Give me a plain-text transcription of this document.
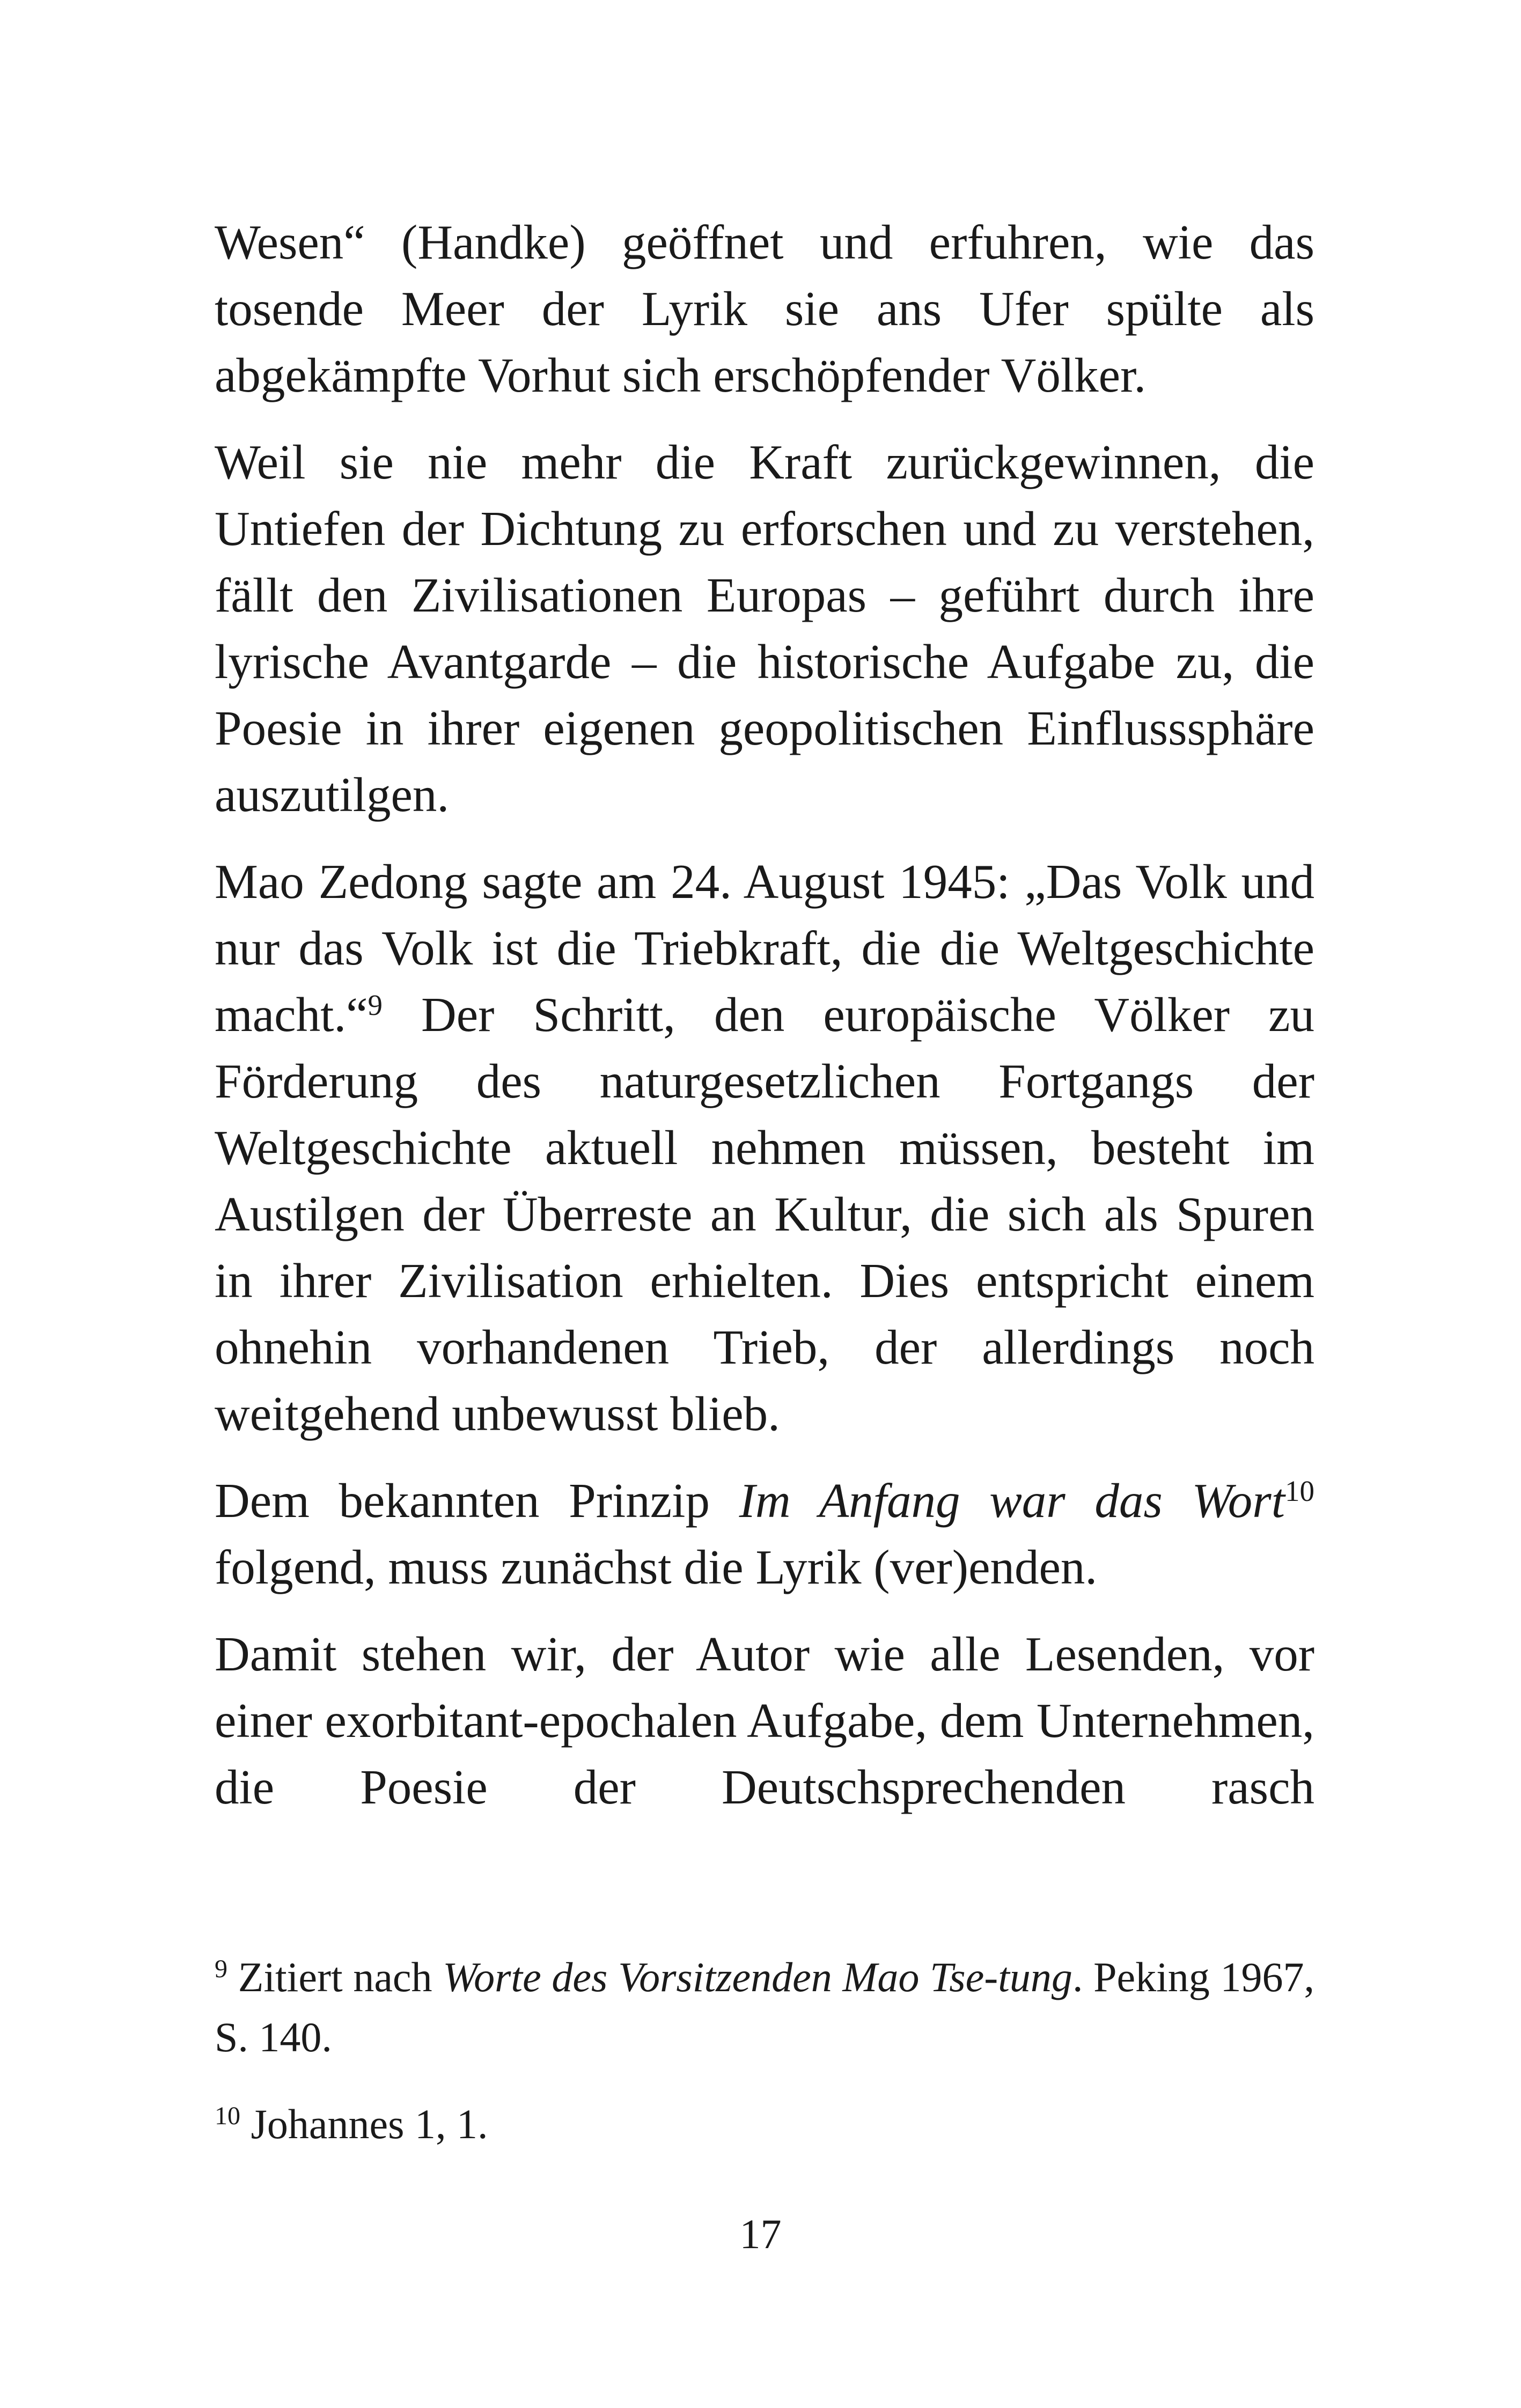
Wesen“ (Handke) geöffnet und erfuhren, wie das tosende Meer der Lyrik sie ans Ufer spülte als abgekämpfte Vorhut sich erschöpfender Völker.

Weil sie nie mehr die Kraft zurückgewinnen, die Untiefen der Dichtung zu erforschen und zu verstehen, fällt den Zivilisationen Europas – geführt durch ihre lyrische Avantgarde – die historische Aufgabe zu, die Poesie in ihrer eigenen geopolitischen Einflusssphäre auszutilgen.

Mao Zedong sagte am 24. August 1945: „Das Volk und nur das Volk ist die Triebkraft, die die Weltgeschichte macht.“$^9$ Der Schritt, den europäische Völker zu Förderung des naturgesetzlichen Fortgangs der Weltgeschichte aktuell nehmen müssen, besteht im Austilgen der Überreste an Kultur, die sich als Spuren in ihrer Zivilisation erhielten. Dies entspricht einem ohnehin vorhandenen Trieb, der allerdings noch weitgehend unbewusst blieb.

Dem bekannten Prinzip Im Anfang war das Wort$^{10}$ folgend, muss zunächst die Lyrik (ver)enden.

Damit stehen wir, der Autor wie alle Lesenden, vor einer exorbitant-epochalen Aufgabe, dem Unternehmen, die Poesie der Deutschsprechenden rasch

$^9$ Zitiert nach Worte des Vorsitzenden Mao Tse-tung. Peking 1967, S. 140.

$^{10}$ Johannes 1, 1.

17
